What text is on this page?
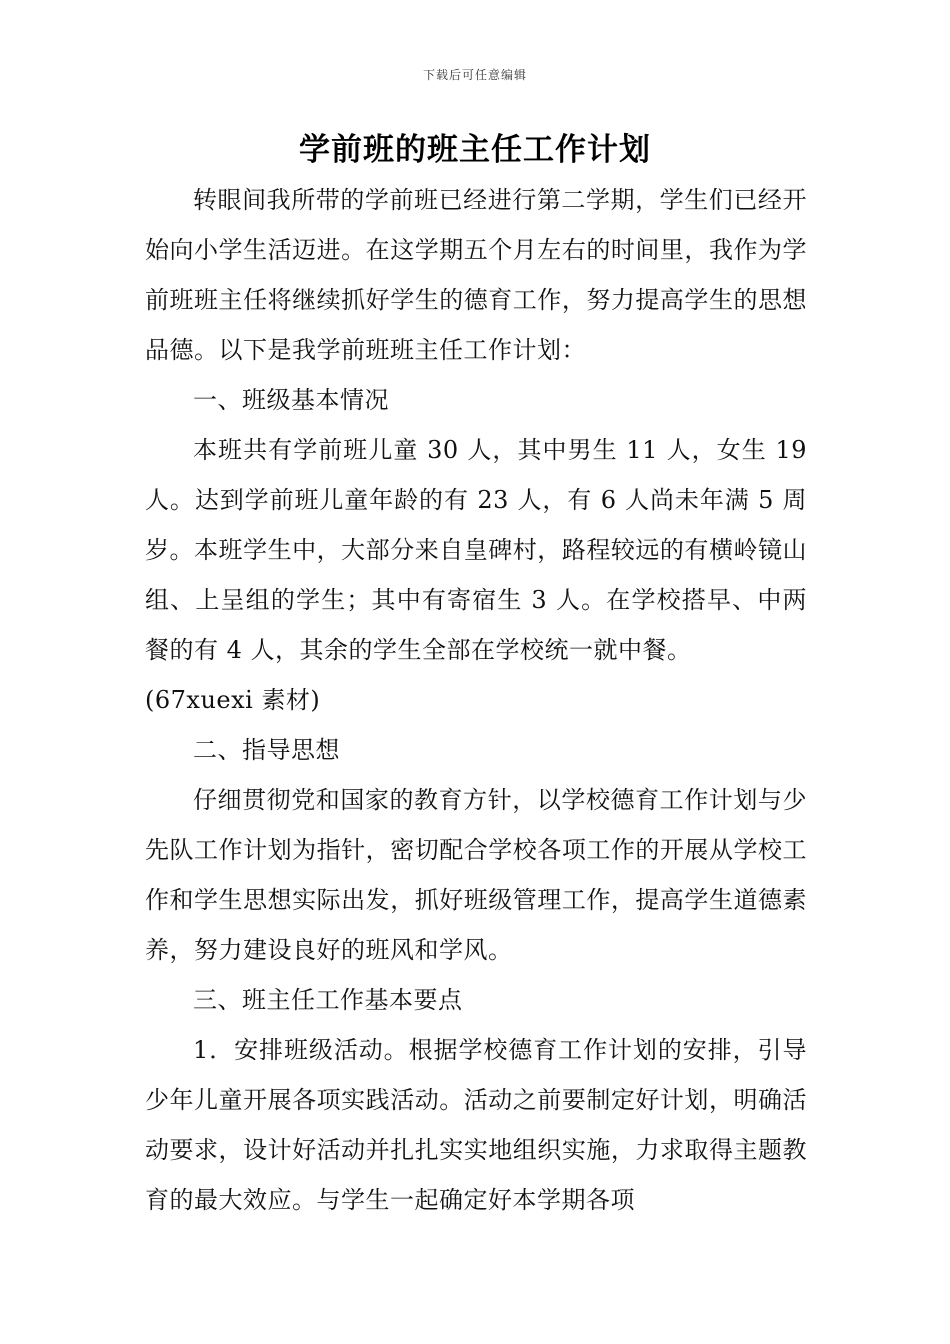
下载后可任意编辑
学前班的班主任工作计划

转眼间我所带的学前班已经进行第二学期，学生们已经开始向小学生活迈进。在这学期五个月左右的时间里，我作为学前班班主任将继续抓好学生的德育工作，努力提高学生的思想品德。以下是我学前班班主任工作计划：

一、班级基本情况

本班共有学前班儿童 30 人，其中男生 11 人，女生 19 人。达到学前班儿童年龄的有 23 人，有 6 人尚未年满 5 周岁。本班学生中，大部分来自皇碑村，路程较远的有横岭镜山组、上呈组的学生；其中有寄宿生 3 人。在学校搭早、中两餐的有 4 人，其余的学生全部在学校统一就中餐。

(67xuexi 素材)

二、指导思想

仔细贯彻党和国家的教育方针，以学校德育工作计划与少先队工作计划为指针，密切配合学校各项工作的开展从学校工作和学生思想实际出发，抓好班级管理工作，提高学生道德素养，努力建设良好的班风和学风。

三、班主任工作基本要点

1．安排班级活动。根据学校德育工作计划的安排，引导少年儿童开展各项实践活动。活动之前要制定好计划，明确活动要求，设计好活动并扎扎实实地组织实施，力求取得主题教育的最大效应。与学生一起确定好本学期各项
